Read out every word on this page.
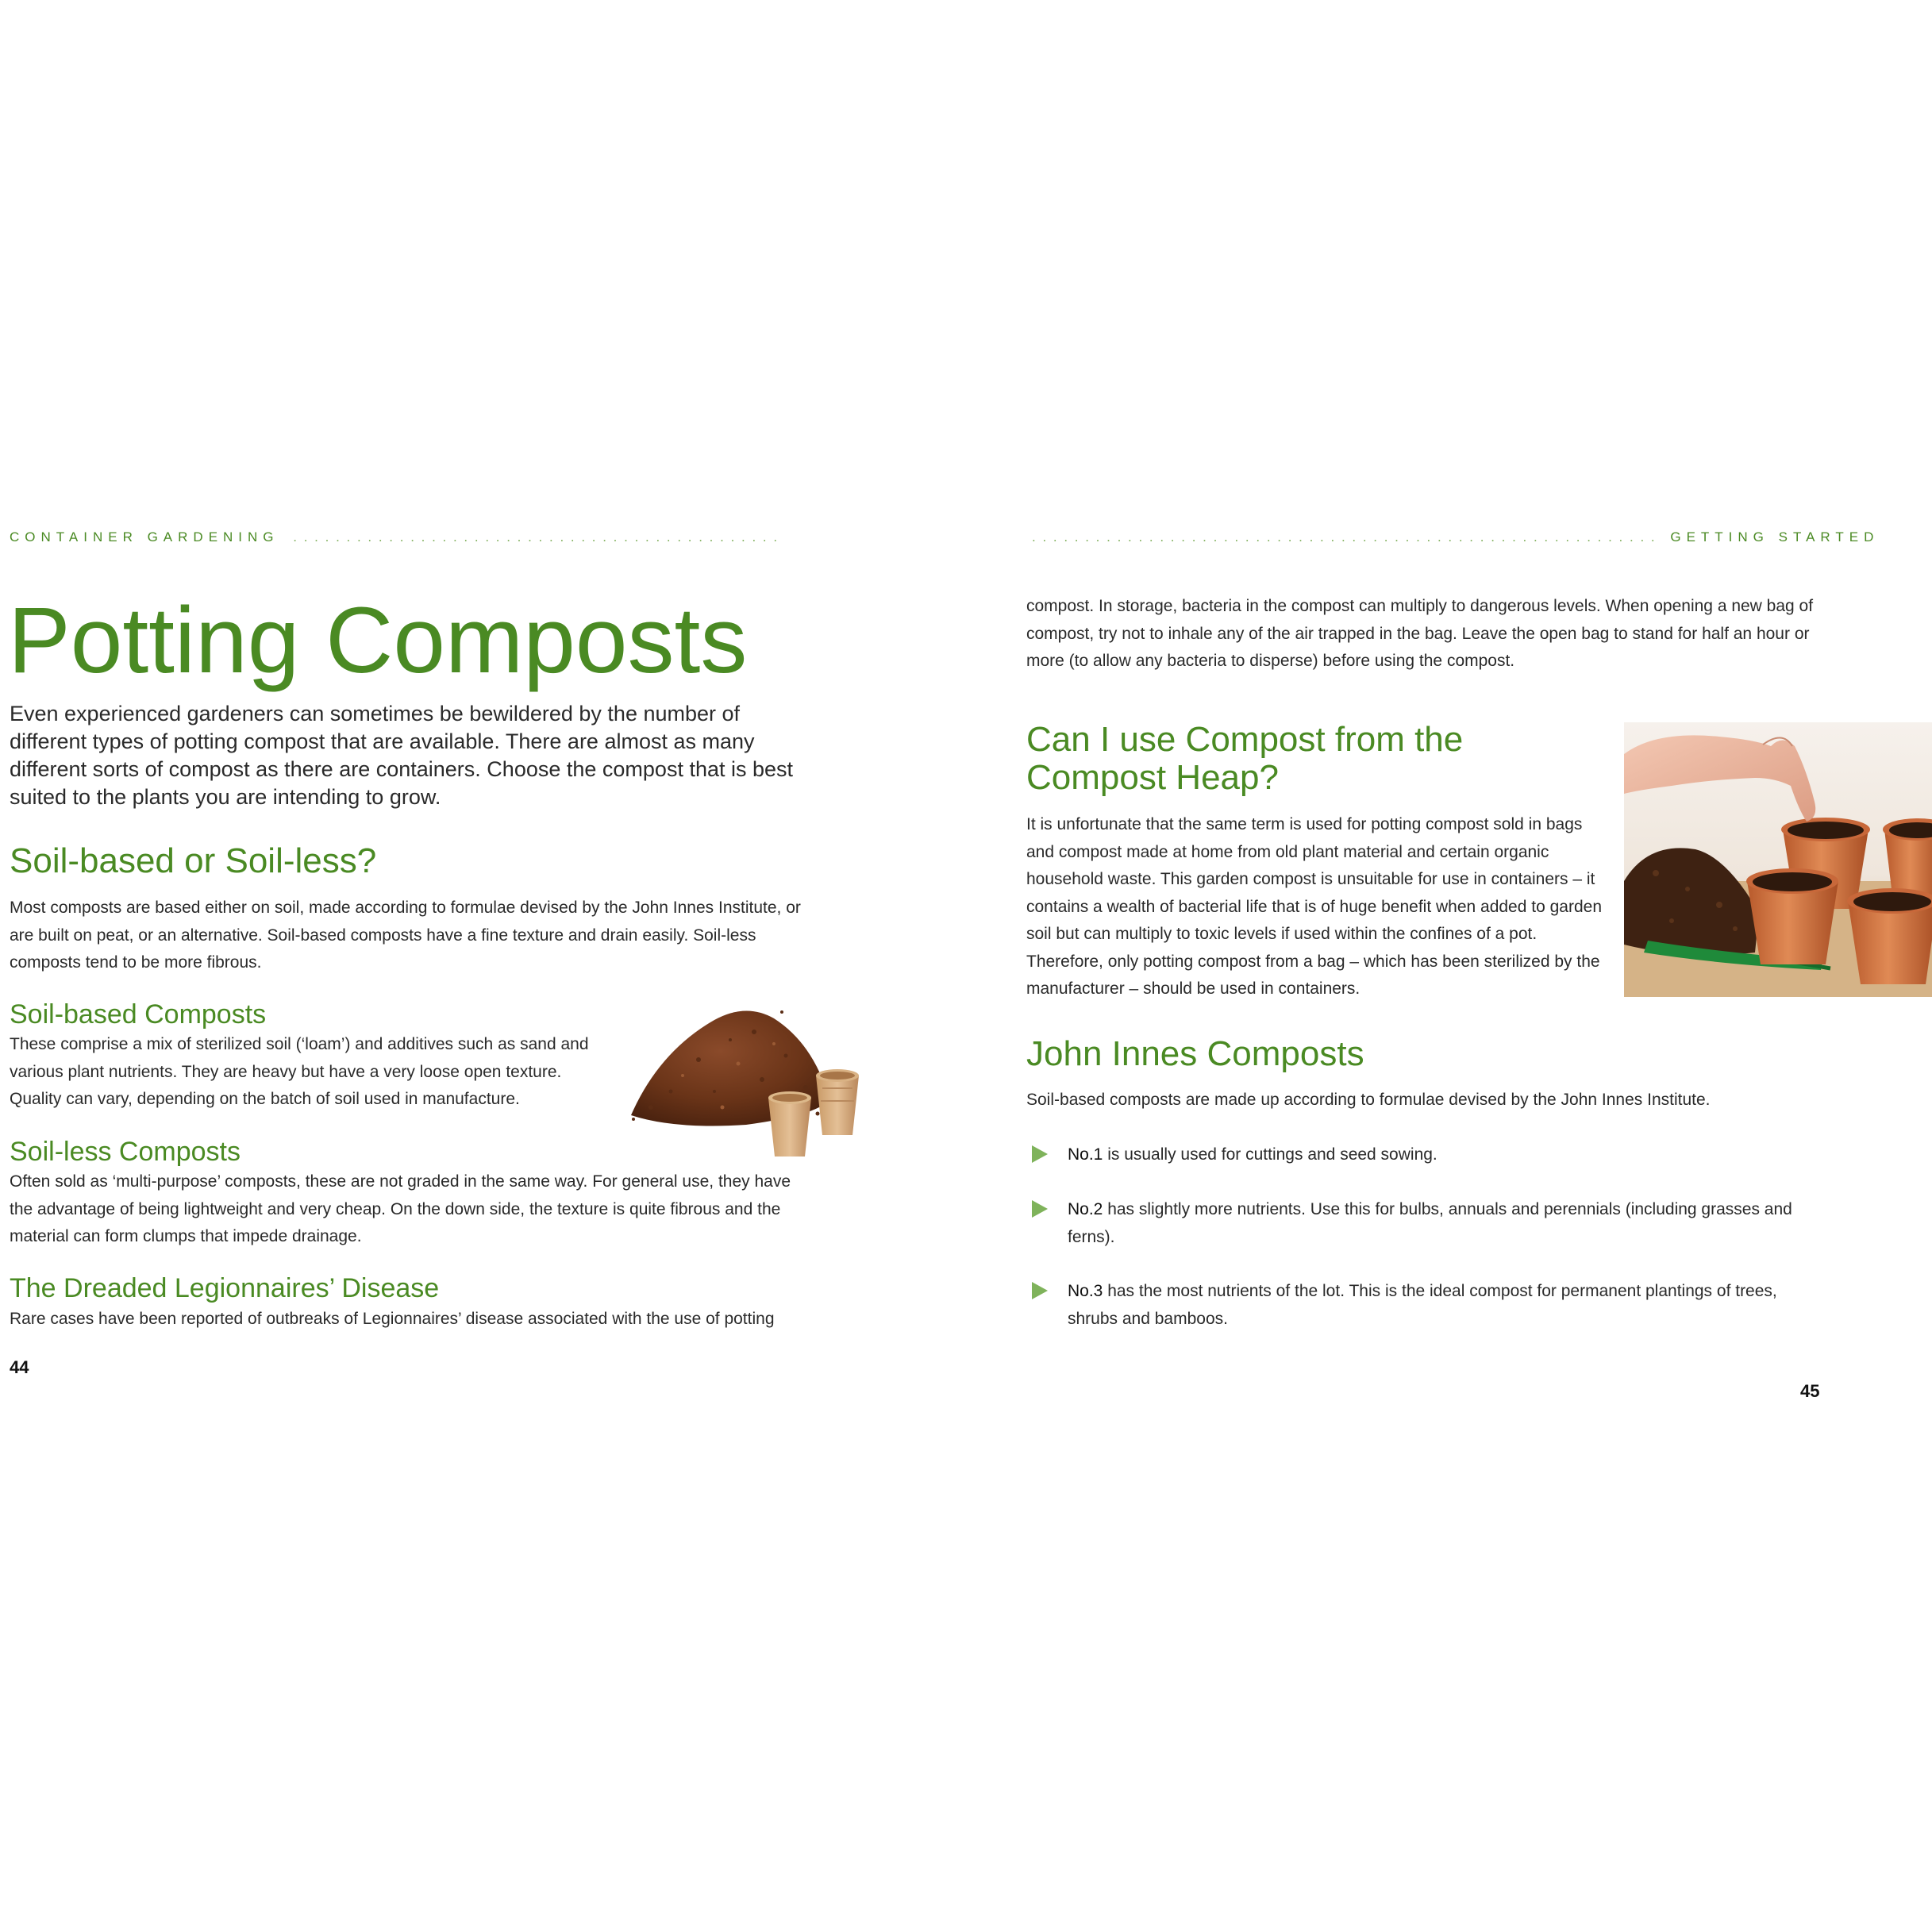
CONTAINER GARDENING . . . . . . . . . . . . . . . . . . . . . . . . . . . . . . . . . . . . . . . . . . . . . .
Potting Composts
Even experienced gardeners can sometimes be bewildered by the number of different types of potting compost that are available. There are almost as many different sorts of compost as there are containers. Choose the compost that is best suited to the plants you are intending to grow.
Soil-based or Soil-less?
Most composts are based either on soil, made according to formulae devised by the John Innes Institute, or are built on peat, or an alternative. Soil-based composts have a fine texture and drain easily. Soil-less composts tend to be more fibrous.
Soil-based Composts
These comprise a mix of sterilized soil (‘loam’) and additives such as sand and various plant nutrients. They are heavy but have a very loose open texture. Quality can vary, depending on the batch of soil used in manufacture.
Soil-less Composts
Often sold as ‘multi-purpose’ composts, these are not graded in the same way. For general use, they have the advantage of being lightweight and very cheap. On the down side, the texture is quite fibrous and the material can form clumps that impede drainage.
The Dreaded Legionnaires’ Disease
Rare cases have been reported of outbreaks of Legionnaires’ disease associated with the use of potting
44
. . . . . . . . . . . . . . . . . . . . . . . . . . . . . . . . . . . . . . . . . . . . . . . . . . . . . . . . . . . GETTING STARTED
compost. In storage, bacteria in the compost can multiply to dangerous levels. When opening a new bag of compost, try not to inhale any of the air trapped in the bag. Leave the open bag to stand for half an hour or more (to allow any bacteria to disperse) before using the compost.
Can I use Compost from the
Compost Heap?
It is unfortunate that the same term is used for potting compost sold in bags and compost made at home from old plant material and certain organic household waste. This garden compost is unsuitable for use in containers – it contains a wealth of bacterial life that is of huge benefit when added to garden soil but can multiply to toxic levels if used within the confines of a pot. Therefore, only potting compost from a bag – which has been sterilized by the manufacturer – should be used in containers.
John Innes Composts
Soil-based composts are made up according to formulae devised by the John Innes Institute.
No.1 is usually used for cuttings and seed sowing.
No.2 has slightly more nutrients. Use this for bulbs, annuals and perennials (including grasses and ferns).
No.3 has the most nutrients of the lot. This is the ideal compost for permanent plantings of trees, shrubs and bamboos.
45
